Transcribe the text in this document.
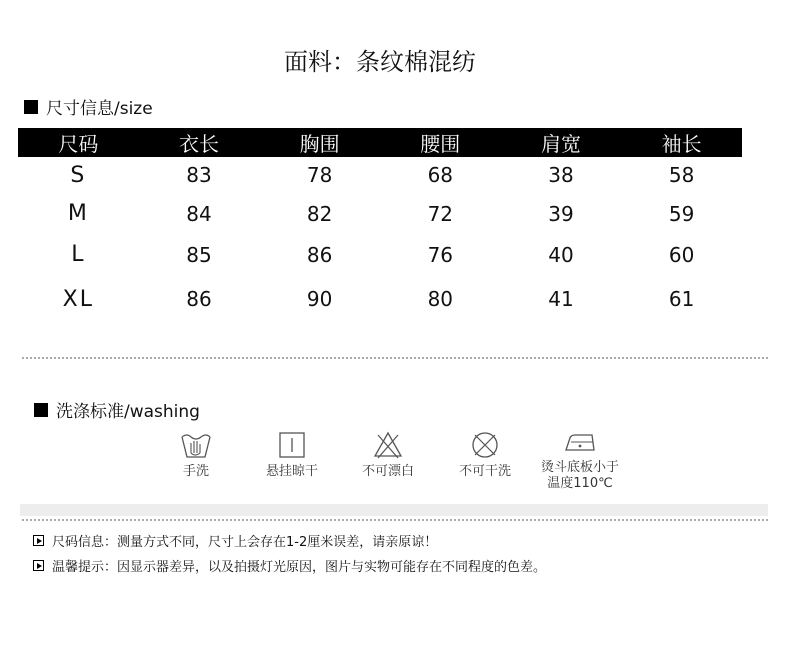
面料：条纹棉混纺
尺寸信息/size
尺码	衣长	胸围	腰围	肩宽	袖长
S	83	78	68	38	58
M	84	82	72	39	59
L	85	86	76	40	60
XL	86	90	80	41	61
洗涤标准/washing
手洗	悬挂晾干	不可漂白	不可干洗	烫斗底板小于
温度110℃
尺码信息：测量方式不同，尺寸上会存在1-2厘米误差，请亲原谅！
温馨提示：因显示器差异，以及拍摄灯光原因，图片与实物可能存在不同程度的色差。
